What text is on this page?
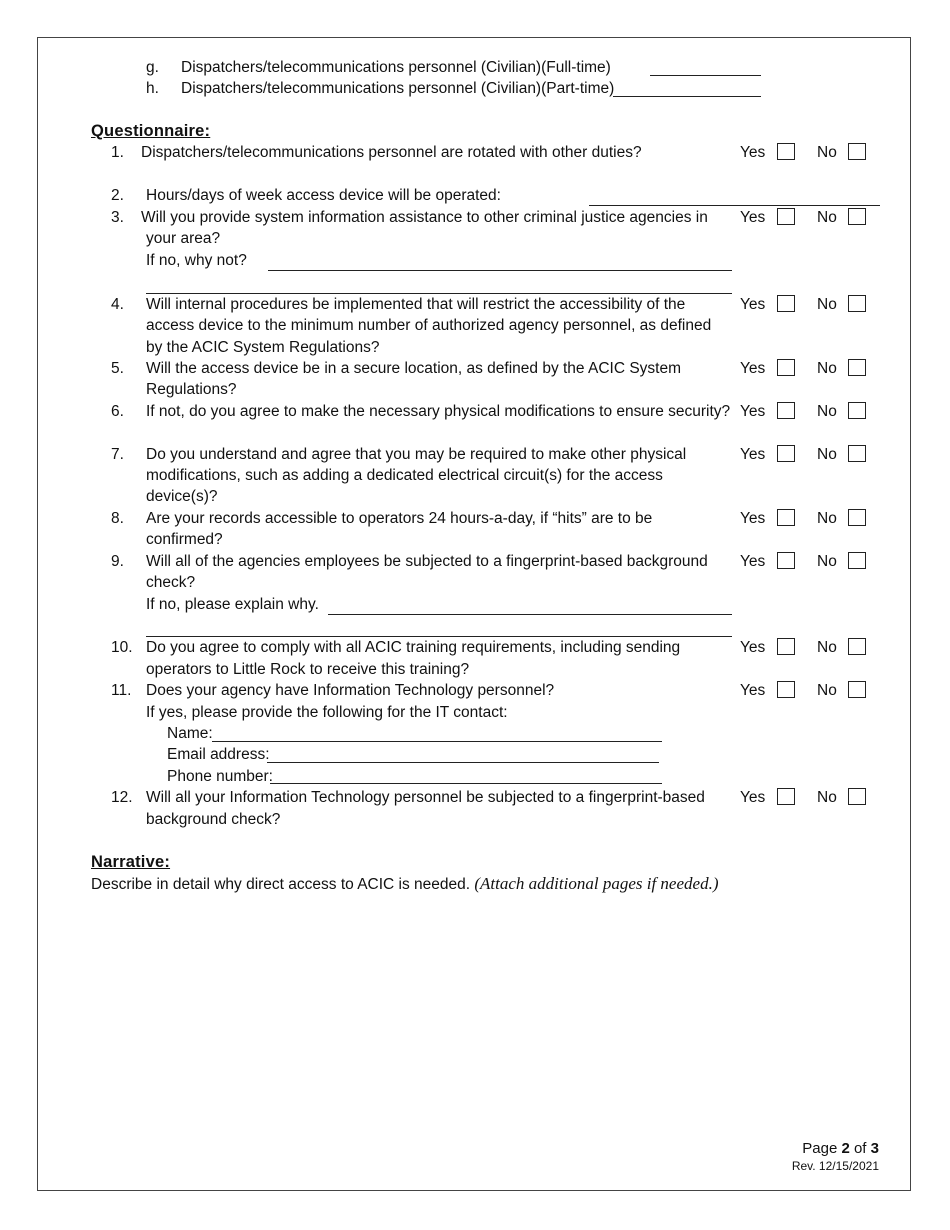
g. Dispatchers/telecommunications personnel (Civilian)(Full-time)
h. Dispatchers/telecommunications personnel (Civilian)(Part-time)
Questionnaire:
1. Dispatchers/telecommunications personnel are rotated with other duties?	Yes	No
2. Hours/days of week access device will be operated:
3. Will you provide system information assistance to other criminal justice agencies in
your area?
If no, why not?
Yes	No
4. Will internal procedures be implemented that will restrict the accessibility of the
access device to the minimum number of authorized agency personnel, as defined
by the ACIC System Regulations?
Yes	No
5. Will the access device be in a secure location, as defined by the ACIC System
Regulations?
Yes	No
6. If not, do you agree to make the necessary physical modifications to ensure security? Yes	No
7. Do you understand and agree that you may be required to make other physical
modifications, such as adding a dedicated electrical circuit(s) for the access
device(s)?
Yes	No
8. Are your records accessible to operators 24 hours-a-day, if “hits” are to be
confirmed?
Yes	No
9. Will all of the agencies employees be subjected to a fingerprint-based background
check?
If no, please explain why.
Yes	No
10. Do you agree to comply with all ACIC training requirements, including sending
operators to Little Rock to receive this training?
Yes	No
11. Does your agency have Information Technology personnel?
If yes, please provide the following for the IT contact:
Name:
Email address:
Phone number:
Yes	No
12. Will all your Information Technology personnel be subjected to a fingerprint-based
background check?
Yes	No
Narrative:
Describe in detail why direct access to ACIC is needed. (Attach additional pages if needed.)
Page 2 of 3
Rev. 12/15/2021
